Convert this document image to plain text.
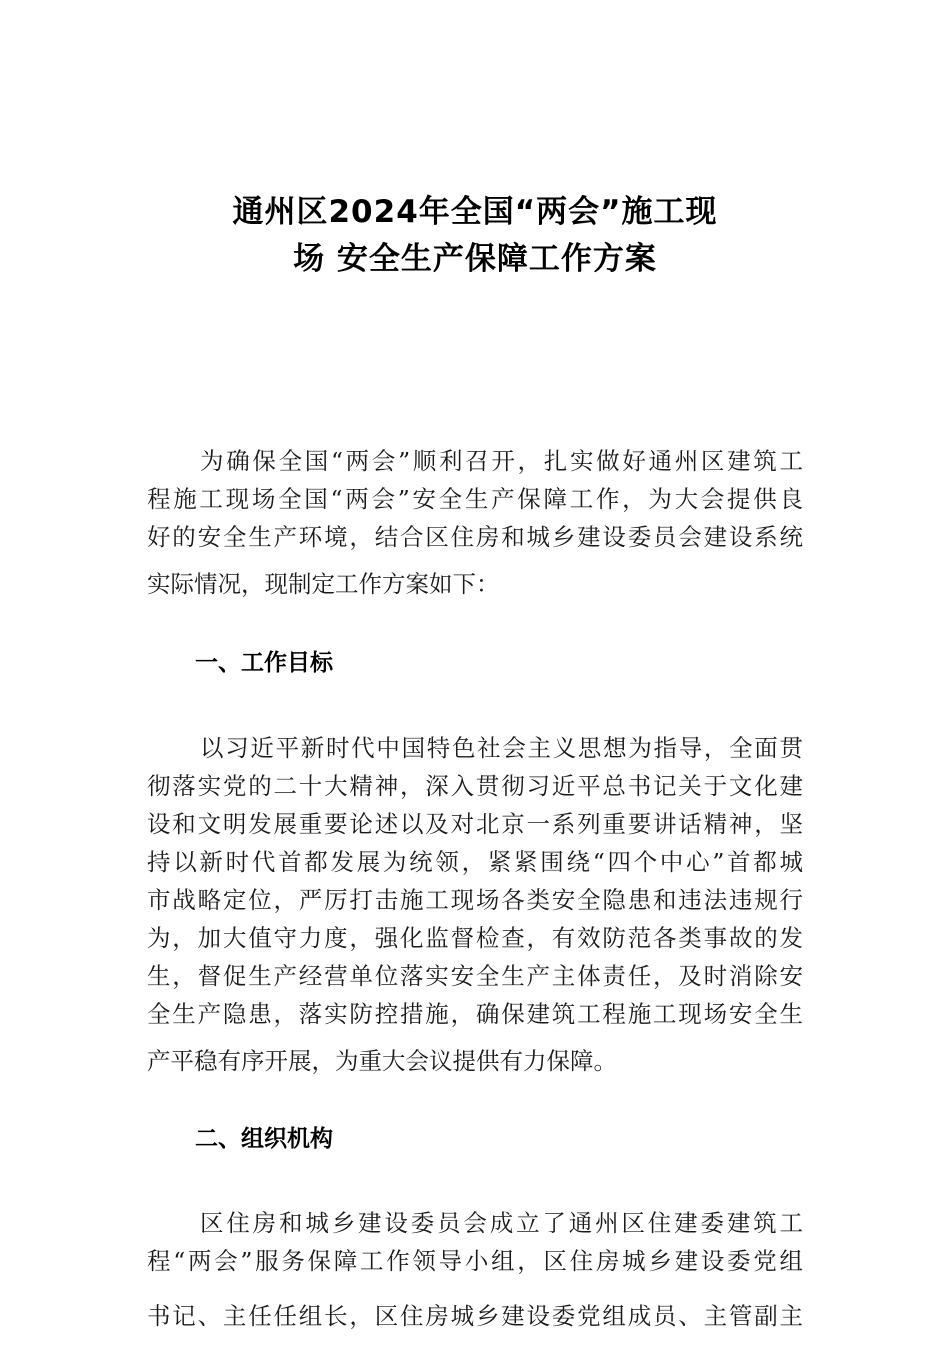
通州区2024年全国“两会”施工现
场 安全生产保障工作方案
为确保全国“两会”顺利召开，扎实做好通州区建筑工
程施工现场全国“两会”安全生产保障工作，为大会提供良
好的安全生产环境，结合区住房和城乡建设委员会建设系统
实际情况，现制定工作方案如下：
一、工作目标
以习近平新时代中国特色社会主义思想为指导，全面贯
彻落实党的二十大精神，深入贯彻习近平总书记关于文化建
设和文明发展重要论述以及对北京一系列重要讲话精神，坚
持以新时代首都发展为统领，紧紧围绕“四个中心”首都城
市战略定位，严厉打击施工现场各类安全隐患和违法违规行
为，加大值守力度，强化监督检查，有效防范各类事故的发
生，督促生产经营单位落实安全生产主体责任，及时消除安
全生产隐患，落实防控措施，确保建筑工程施工现场安全生
产平稳有序开展，为重大会议提供有力保障。
二、组织机构
区住房和城乡建设委员会成立了通州区住建委建筑工
程“两会”服务保障工作领导小组，区住房城乡建设委党组
书记、主任任组长，区住房城乡建设委党组成员、主管副主
